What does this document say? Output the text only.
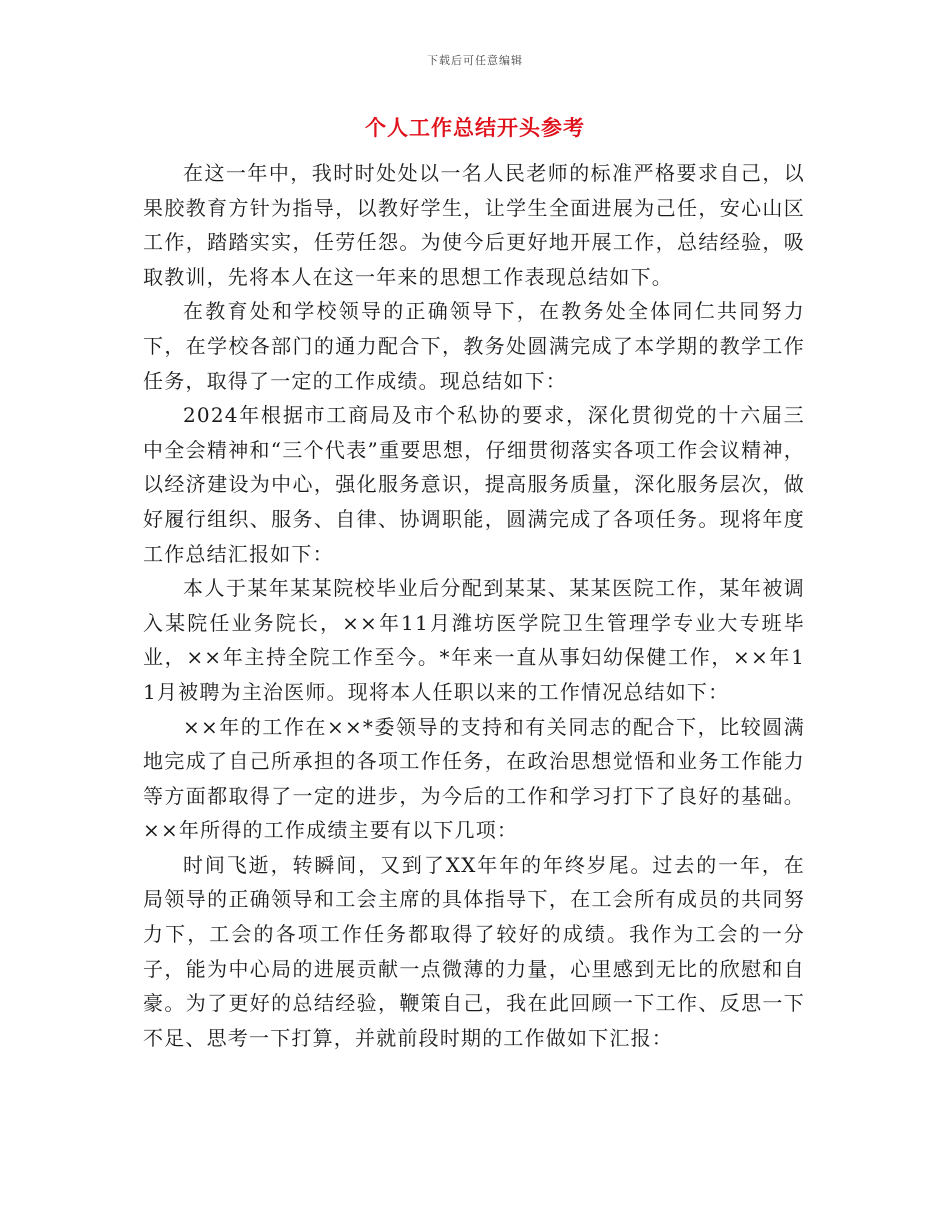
下载后可任意编辑
个人工作总结开头参考

在这一年中，我时时处处以一名人民老师的标准严格要求自己，以果胶教育方针为指导，以教好学生，让学生全面进展为己任，安心山区工作，踏踏实实，任劳任怨。为使今后更好地开展工作，总结经验，吸取教训，先将本人在这一年来的思想工作表现总结如下。

在教育处和学校领导的正确领导下，在教务处全体同仁共同努力下，在学校各部门的通力配合下，教务处圆满完成了本学期的教学工作任务，取得了一定的工作成绩。现总结如下：

2024年根据市工商局及市个私协的要求，深化贯彻党的十六届三中全会精神和“三个代表”重要思想，仔细贯彻落实各项工作会议精神，以经济建设为中心，强化服务意识，提高服务质量，深化服务层次，做好履行组织、服务、自律、协调职能，圆满完成了各项任务。现将年度工作总结汇报如下：

本人于某年某某院校毕业后分配到某某、某某医院工作，某年被调入某院任业务院长，××年11月潍坊医学院卫生管理学专业大专班毕业，××年主持全院工作至今。*年来一直从事妇幼保健工作，××年11月被聘为主治医师。现将本人任职以来的工作情况总结如下：

××年的工作在××*委领导的支持和有关同志的配合下，比较圆满地完成了自己所承担的各项工作任务，在政治思想觉悟和业务工作能力等方面都取得了一定的进步，为今后的工作和学习打下了良好的基础。××年所得的工作成绩主要有以下几项：

时间飞逝，转瞬间，又到了XX年年的年终岁尾。过去的一年，在局领导的正确领导和工会主席的具体指导下，在工会所有成员的共同努力下，工会的各项工作任务都取得了较好的成绩。我作为工会的一分子，能为中心局的进展贡献一点微薄的力量，心里感到无比的欣慰和自豪。为了更好的总结经验，鞭策自己，我在此回顾一下工作、反思一下不足、思考一下打算，并就前段时期的工作做如下汇报：
